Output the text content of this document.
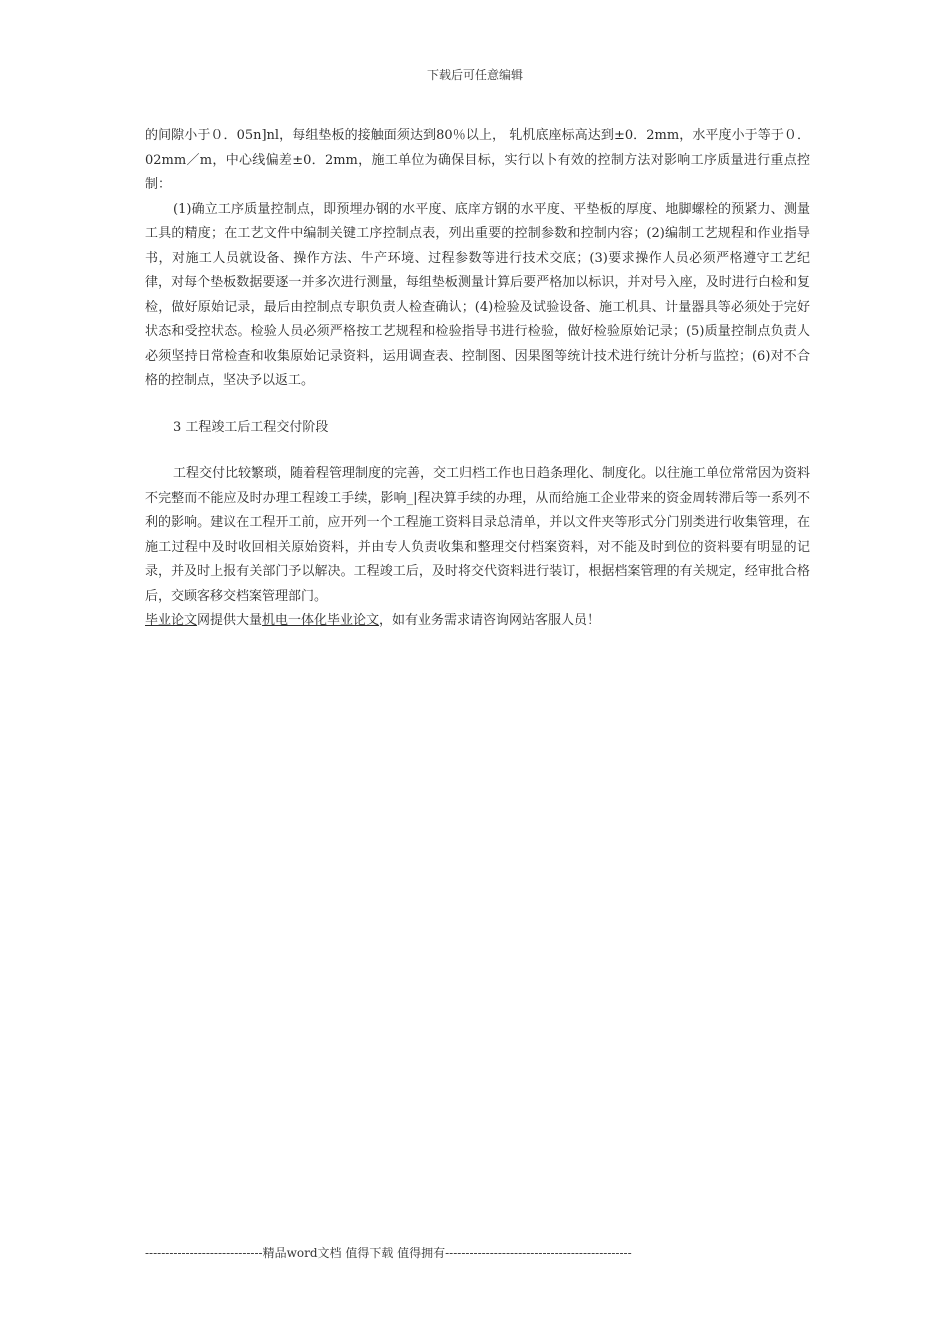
下载后可任意编辑

的间隙小于０．05n]nl，每组垫板的接触面须达到80％以上， 轧机底座标高达到±0．2mm，水平度小于等于０．02mm／m，中心线偏差±0．2mm，施工单位为确保目标，实行以卜有效的控制方法对影响工序质量进行重点控制：

(1)确立工序质量控制点，即预埋办钢的水平度、底庠方钢的水平度、平垫板的厚度、地脚螺栓的预紧力、测量工具的精度；在工艺文件中编制关键工序控制点表，列出重要的控制参数和控制内容；(2)编制工艺规程和作业指导书，对施工人员就设备、操作方法、牛产环境、过程参数等进行技术交底；(3)要求操作人员必须严格遵守工艺纪律，对每个垫板数据要逐一并多次进行测量，每组垫板测量计算后要严格加以标识，并对号入座，及时进行白检和复检，做好原始记录，最后由控制点专职负责人检查确认；(4)检验及试验设备、施工机具、计量器具等必须处于完好状态和受控状态。检验人员必须严格按工艺规程和检验指导书进行检验，做好检验原始记录；(5)质量控制点负责人必须坚持日常检查和收集原始记录资料，运用调查表、控制图、因果图等统计技术进行统计分析与监控；(6)对不合格的控制点，坚决予以返工。

3 工程竣工后工程交付阶段

工程交付比较繁琐，随着程管理制度的完善，交工归档工作也日趋条理化、制度化。以往施工单位常常因为资料不完整而不能应及时办理工程竣工手续，影响_|程决算手续的办理，从而给施工企业带来的资金周转滞后等一系列不利的影响。建议在工程开工前，应开列一个工程施工资料目录总清单，并以文件夹等形式分门别类进行收集管理，在施工过程中及时收回相关原始资料，并由专人负责收集和整理交付档案资料，对不能及时到位的资料要有明显的记录，并及时上报有关部门予以解决。工程竣工后，及时将交代资料进行装订，根据档案管理的有关规定，经审批合格后，交顾客移交档案管理部门。

毕业论文网提供大量机电一体化毕业论文，如有业务需求请咨询网站客服人员！

-----------------------------精品word文档 值得下载 值得拥有----------------------------------------------
